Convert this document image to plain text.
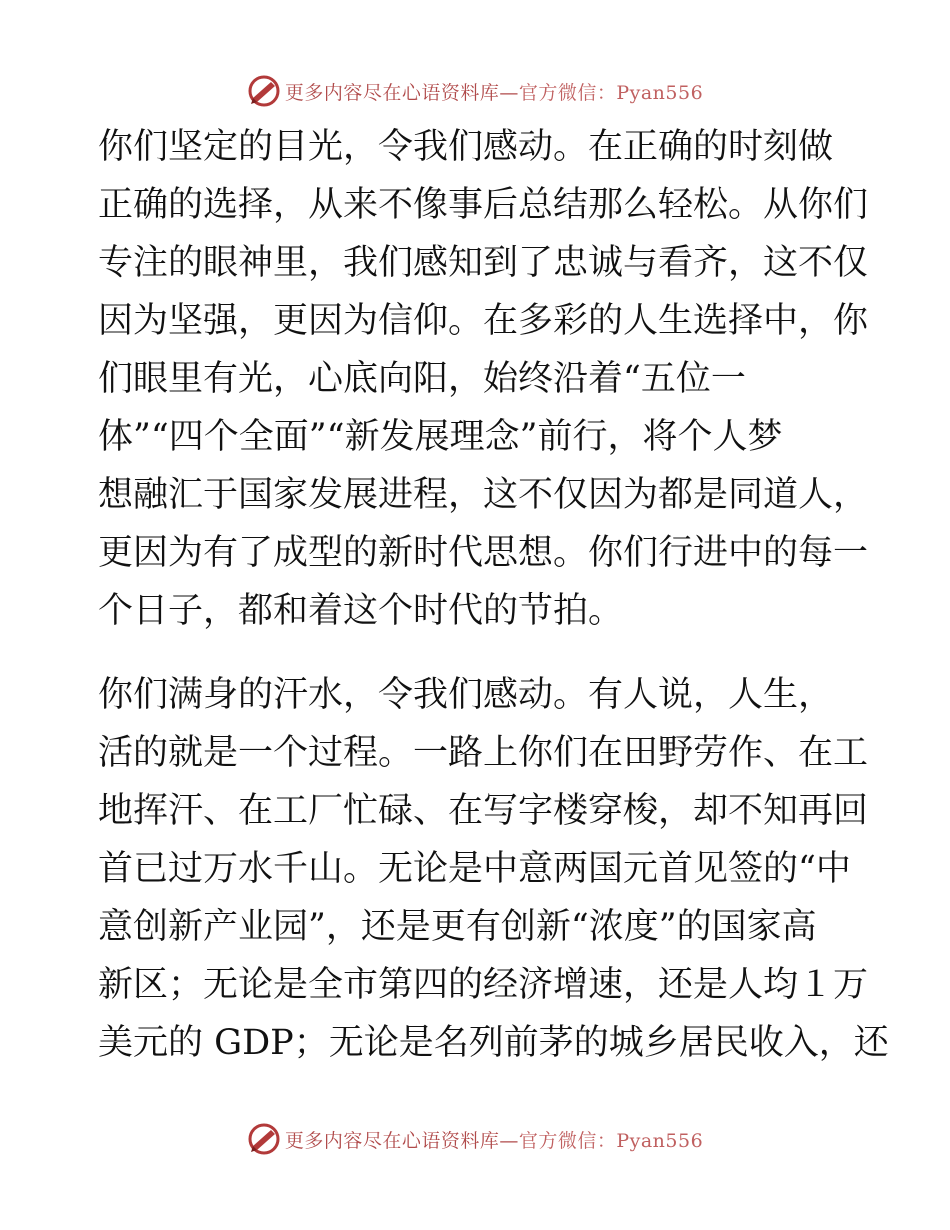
更多内容尽在心语资料库—官方微信：Pyan556
你们坚定的目光，令我们感动。在正确的时刻做
正确的选择，从来不像事后总结那么轻松。从你们
专注的眼神里，我们感知到了忠诚与看齐，这不仅
因为坚强，更因为信仰。在多彩的人生选择中，你
们眼里有光，心底向阳，始终沿着“五位一
体”“四个全面”“新发展理念”前行，将个人梦
想融汇于国家发展进程，这不仅因为都是同道人，
更因为有了成型的新时代思想。你们行进中的每一
个日子，都和着这个时代的节拍。
你们满身的汗水，令我们感动。有人说，人生，
活的就是一个过程。一路上你们在田野劳作、在工
地挥汗、在工厂忙碌、在写字楼穿梭，却不知再回
首已过万水千山。无论是中意两国元首见签的“中
意创新产业园”，还是更有创新“浓度”的国家高
新区；无论是全市第四的经济增速，还是人均１万
美元的 GDP；无论是名列前茅的城乡居民收入，还
更多内容尽在心语资料库—官方微信：Pyan556
